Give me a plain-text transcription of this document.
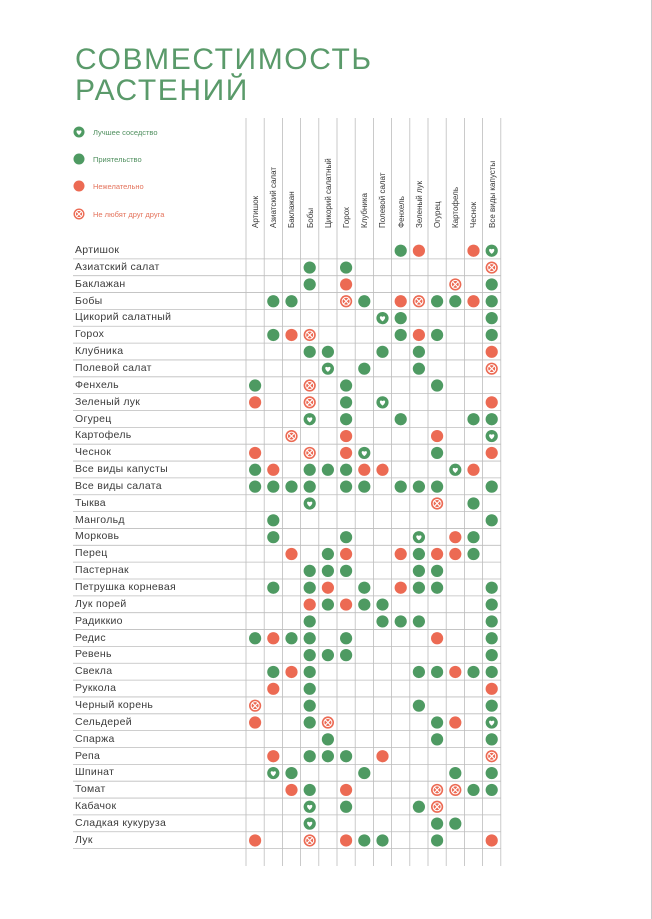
СОВМЕСТИМОСТЬ
РАСТЕНИЙ
Лучшее соседство
Приятельство
Нежелательно
Не любят друг друга	Артишок Азиатский салат Баклажан Бобы Цикорий салатный Горох Клубника Полевой салат Фенхель Зеленый лук Огурец Картофель Чеснок Все виды капусты
Артишок
Азиатский салат
Баклажан
Бобы
Цикорий салатный
Горох
Клубника
Полевой салат
Фенхель
Зеленый лук
Огурец
Картофель
Чеснок
Все виды капусты
Все виды салата
Тыква
Мангольд
Морковь
Перец
Пастернак
Петрушка корневая
Лук порей
Радиккио
Редис
Ревень
Свекла
Руккола
Черный корень
Сельдерей
Спаржа
Репа
Шпинат
Томат
Кабачок
Сладкая кукуруза
Лук
